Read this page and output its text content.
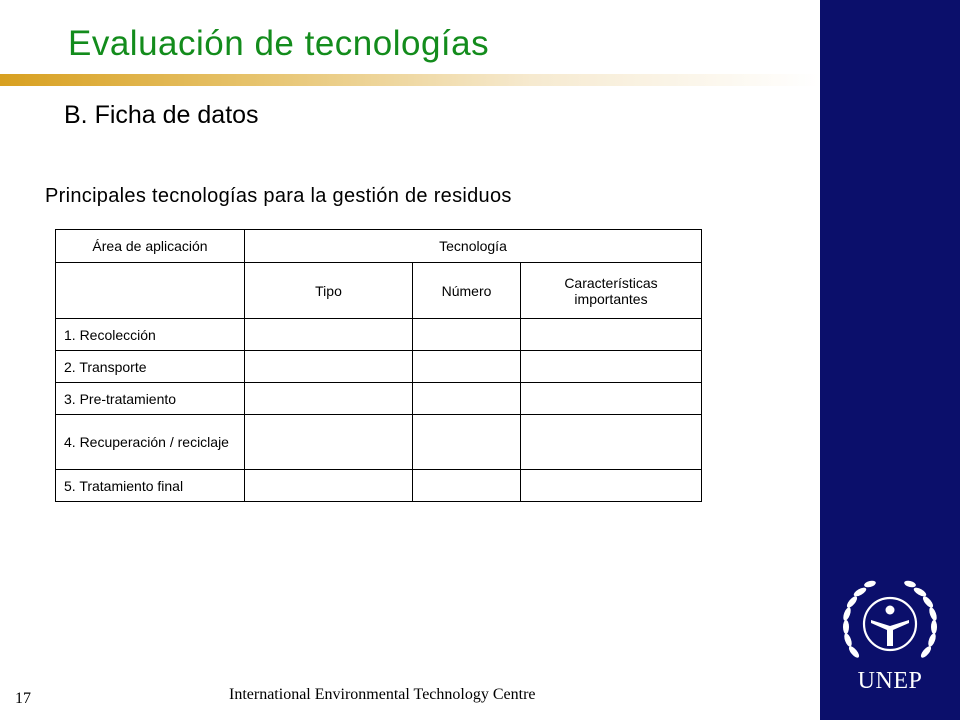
Evaluación de tecnologías
B. Ficha de datos
Principales tecnologías para la gestión de residuos
Área de aplicación	Tecnología		
	Tipo	Número	Características importantes
1. Recolección			
2. Transporte			
3. Pre-tratamiento			
4. Recuperación / reciclaje			
5. Tratamiento final			
UNEP
17	International Environmental Technology Centre
